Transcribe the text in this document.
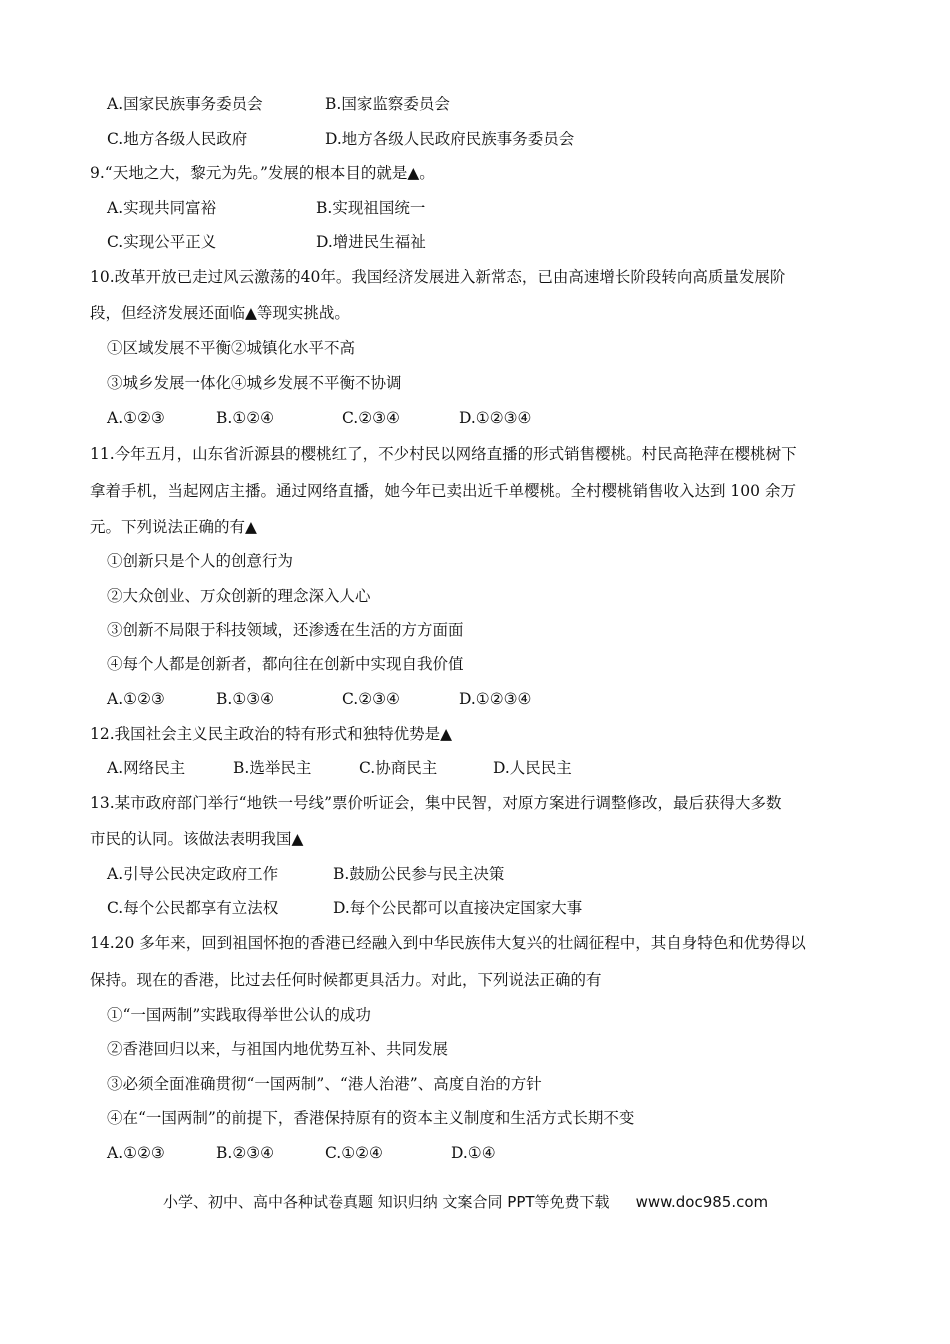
A.国家民族事务委员会	B.国家监察委员会
C.地方各级人民政府	D.地方各级人民政府民族事务委员会
9.“天地之大，黎元为先。”发展的根本目的就是▲。
A.实现共同富裕	B.实现祖国统一
C.实现公平正义	D.增进民生福祉
10.改革开放已走过风云激荡的40年。我国经济发展进入新常态，已由高速增长阶段转向高质量发展阶
段，但经济发展还面临▲等现实挑战。
①区域发展不平衡②城镇化水平不高
③城乡发展一体化④城乡发展不平衡不协调
A.①②③	B.①②④	C.②③④	D.①②③④
11.今年五月，山东省沂源县的樱桃红了，不少村民以网络直播的形式销售樱桃。村民高艳萍在樱桃树下
拿着手机，当起网店主播。通过网络直播，她今年已卖出近千单樱桃。全村樱桃销售收入达到 100 余万
元。下列说法正确的有▲
①创新只是个人的创意行为
②大众创业、万众创新的理念深入人心
③创新不局限于科技领域，还渗透在生活的方方面面
④每个人都是创新者，都向往在创新中实现自我价值
A.①②③	B.①③④	C.②③④	D.①②③④
12.我国社会主义民主政治的特有形式和独特优势是▲
A.网络民主	B.选举民主	C.协商民主	D.人民民主
13.某市政府部门举行“地铁一号线”票价听证会，集中民智，对原方案进行调整修改，最后获得大多数
市民的认同。该做法表明我国▲
A.引导公民决定政府工作	B.鼓励公民参与民主决策
C.每个公民都享有立法权	D.每个公民都可以直接决定国家大事
14.20 多年来，回到祖国怀抱的香港已经融入到中华民族伟大复兴的壮阔征程中，其自身特色和优势得以
保持。现在的香港，比过去任何时候都更具活力。对此，下列说法正确的有
①“一国两制”实践取得举世公认的成功
②香港回归以来，与祖国内地优势互补、共同发展
③必须全面准确贯彻“一国两制”、“港人治港”、高度自治的方针
④在“一国两制”的前提下，香港保持原有的资本主义制度和生活方式长期不变
A.①②③	B.②③④	C.①②④	D.①④
小学、初中、高中各种试卷真题 知识归纳 文案合同 PPT等免费下载 www.doc985.com
